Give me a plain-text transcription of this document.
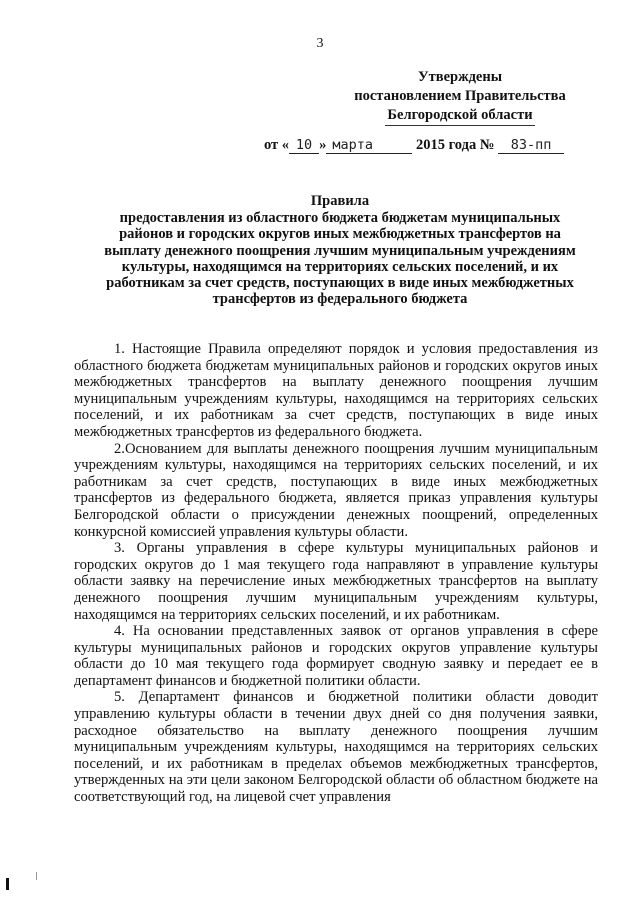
3
Утверждены
постановлением Правительства
Белгородской области
от « 10 » марта	2015 года № 83-пп
Правила
предоставления из областного бюджета бюджетам муниципальных
районов и городских округов иных межбюджетных трансфертов на
выплату денежного поощрения лучшим муниципальным учреждениям
культуры, находящимся на территориях сельских поселений, и их
работникам за счет средств, поступающих в виде иных межбюджетных
трансфертов из федерального бюджета

1. Настоящие Правила определяют порядок и условия предоставления из областного бюджета бюджетам муниципальных районов и городских округов иных межбюджетных трансфертов на выплату денежного поощрения лучшим муниципальным учреждениям культуры, находящимся на территориях сельских поселений, и их работникам за счет средств, поступающих в виде иных межбюджетных трансфертов из федерального бюджета.

2.Основанием для выплаты денежного поощрения лучшим муниципальным учреждениям культуры, находящимся на территориях сельских поселений, и их работникам за счет средств, поступающих в виде иных межбюджетных трансфертов из федерального бюджета, является приказ управления культуры Белгородской области о присуждении денежных поощрений, определенных конкурсной комиссией управления культуры области.

3. Органы управления в сфере культуры муниципальных районов и городских округов до 1 мая текущего года направляют в управление культуры области заявку на перечисление иных межбюджетных трансфертов на выплату денежного поощрения лучшим муниципальным учреждениям культуры, находящимся на территориях сельских поселений, и их работникам.

4. На основании представленных заявок от органов управления в сфере культуры муниципальных районов и городских округов управление культуры области до 10 мая текущего года формирует сводную заявку и передает ее в департамент финансов и бюджетной политики области.

5. Департамент финансов и бюджетной политики области доводит управлению культуры области в течении двух дней со дня получения заявки, расходное обязательство на выплату денежного поощрения лучшим муниципальным учреждениям культуры, находящимся на территориях сельских поселений, и их работникам в пределах объемов межбюджетных трансфертов, утвержденных на эти цели законом Белгородской области об областном бюджете на соответствующий год, на лицевой счет управления
